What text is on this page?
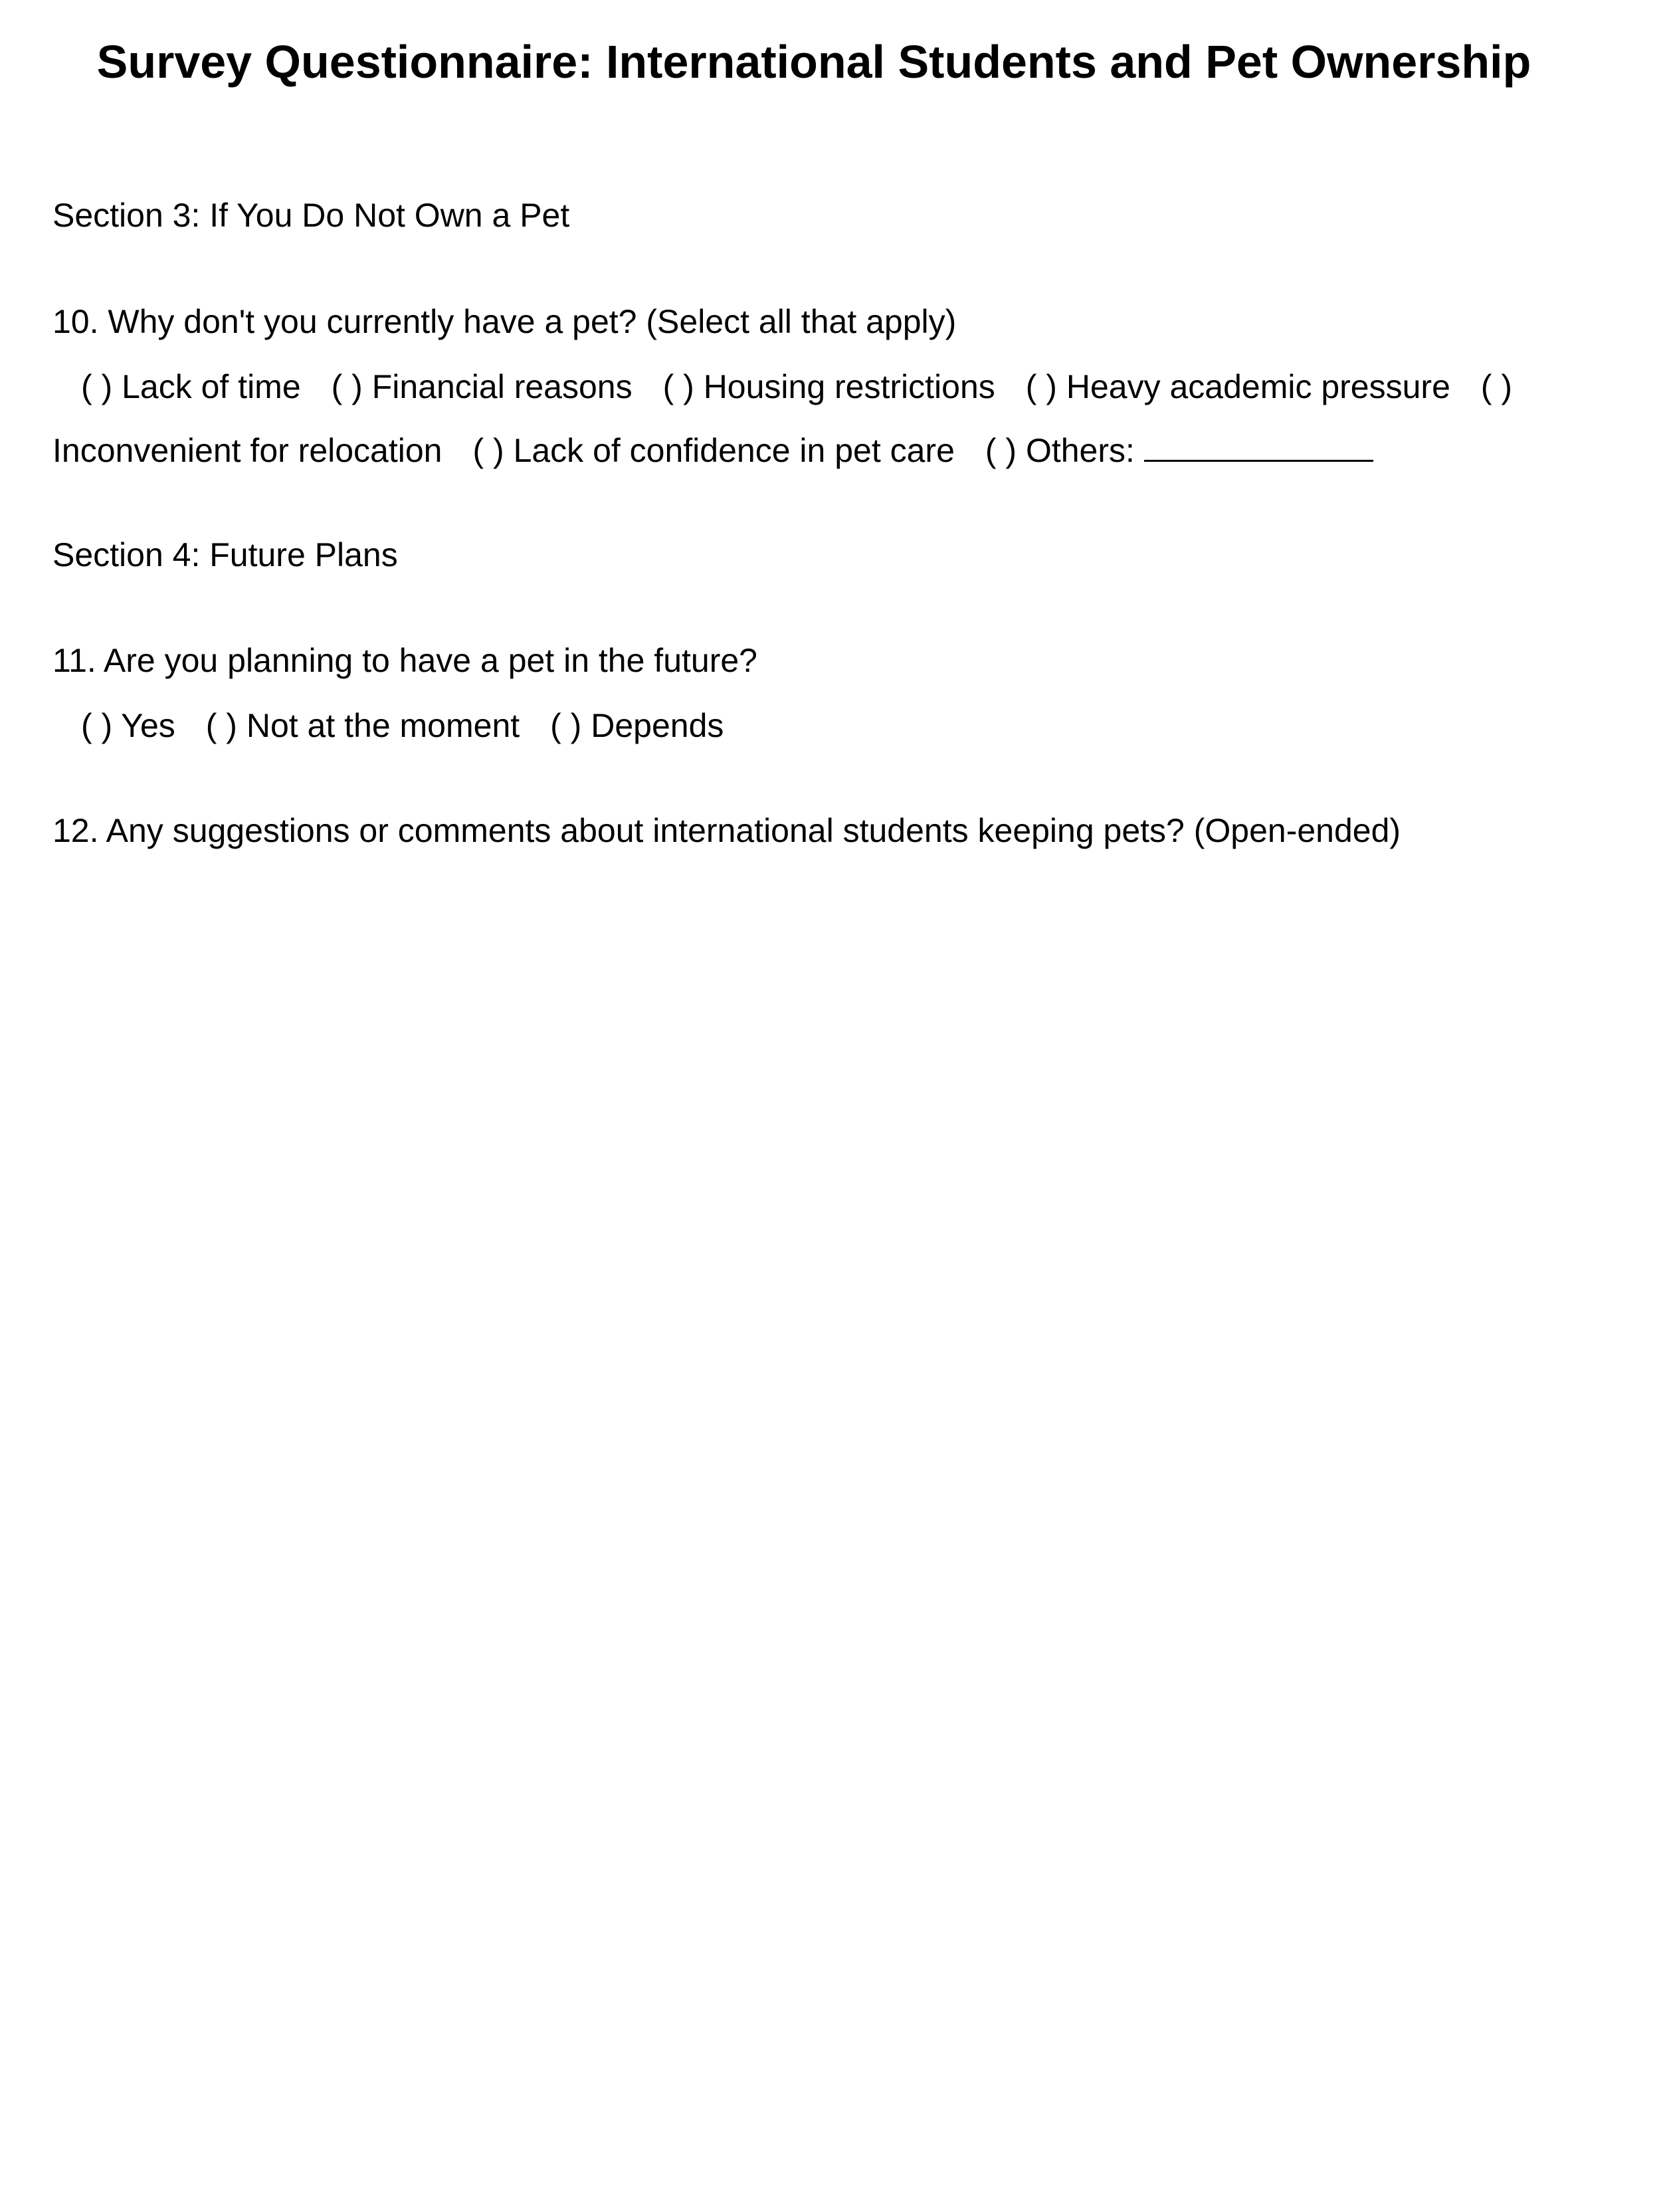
Survey Questionnaire: International Students and Pet Ownership

Section 3: If You Do Not Own a Pet

10. Why don't you currently have a pet? (Select all that apply)

( ) Lack of time ( ) Financial reasons ( ) Housing restrictions ( ) Heavy academic pressure ( )

Inconvenient for relocation ( ) Lack of confidence in pet care ( ) Others:

Section 4: Future Plans

11. Are you planning to have a pet in the future?

( ) Yes ( ) Not at the moment ( ) Depends

12. Any suggestions or comments about international students keeping pets? (Open-ended)
